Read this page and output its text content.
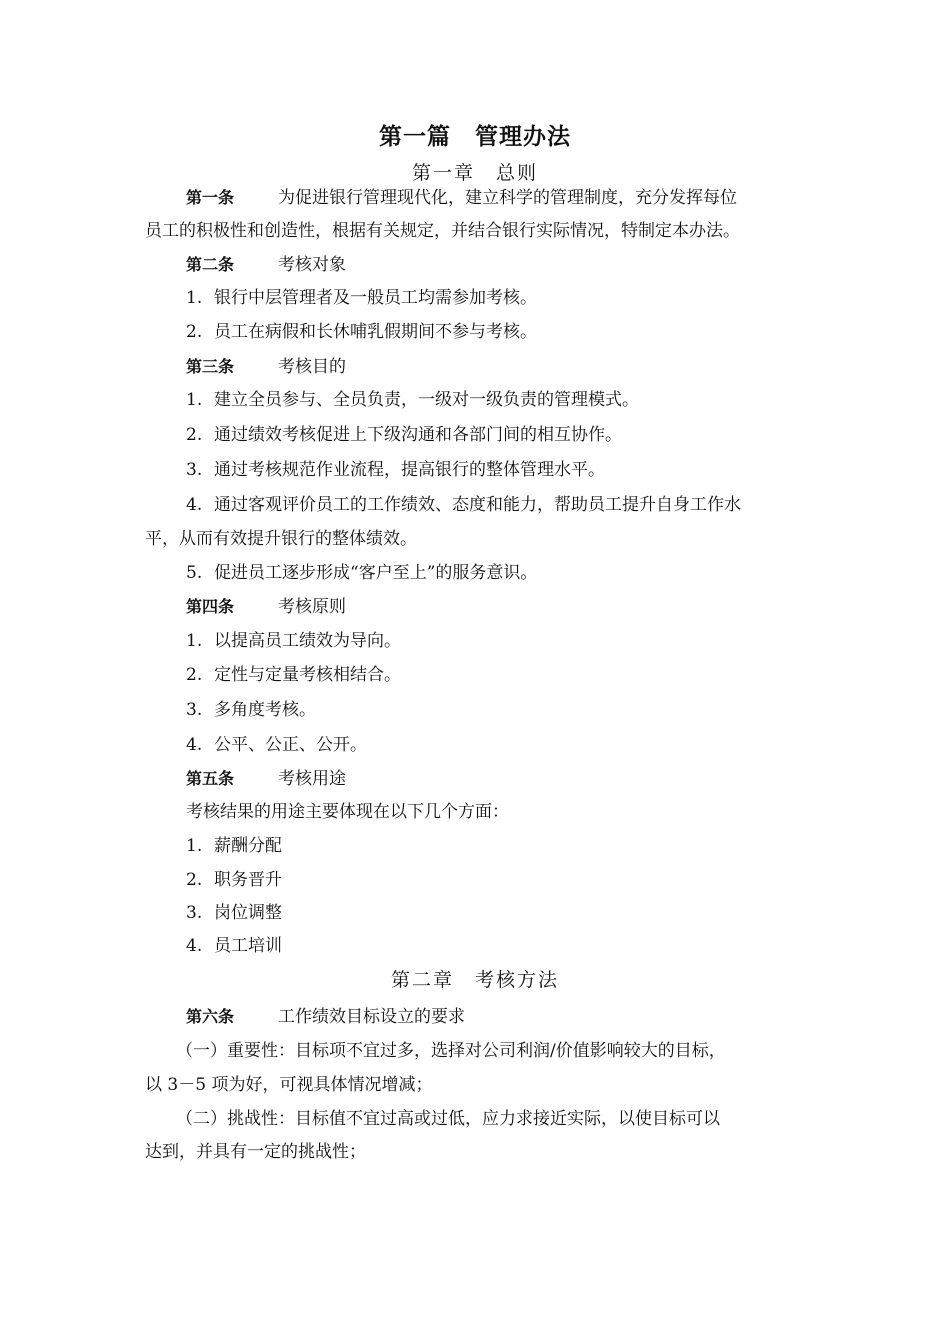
第一篇　管理办法
第一章　总则
第一条	为促进银行管理现代化，建立科学的管理制度，充分发挥每位
员工的积极性和创造性，根据有关规定，并结合银行实际情况，特制定本办法。
第二条	考核对象
1. 银行中层管理者及一般员工均需参加考核。
2. 员工在病假和长休哺乳假期间不参与考核。
第三条	考核目的
1. 建立全员参与、全员负责，一级对一级负责的管理模式。
2. 通过绩效考核促进上下级沟通和各部门间的相互协作。
3. 通过考核规范作业流程，提高银行的整体管理水平。
4. 通过客观评价员工的工作绩效、态度和能力，帮助员工提升自身工作水
平，从而有效提升银行的整体绩效。
5. 促进员工逐步形成“客户至上”的服务意识。
第四条	考核原则
1. 以提高员工绩效为导向。
2. 定性与定量考核相结合。
3. 多角度考核。
4. 公平、公正、公开。
第五条	考核用途
考核结果的用途主要体现在以下几个方面：
1. 薪酬分配
2. 职务晋升
3. 岗位调整
4. 员工培训
第二章　考核方法
第六条	工作绩效目标设立的要求
（一）重要性：目标项不宜过多，选择对公司利润/价值影响较大的目标，
以 3－5 项为好，可视具体情况增减；
（二）挑战性：目标值不宜过高或过低，应力求接近实际，以使目标可以
达到，并具有一定的挑战性；
